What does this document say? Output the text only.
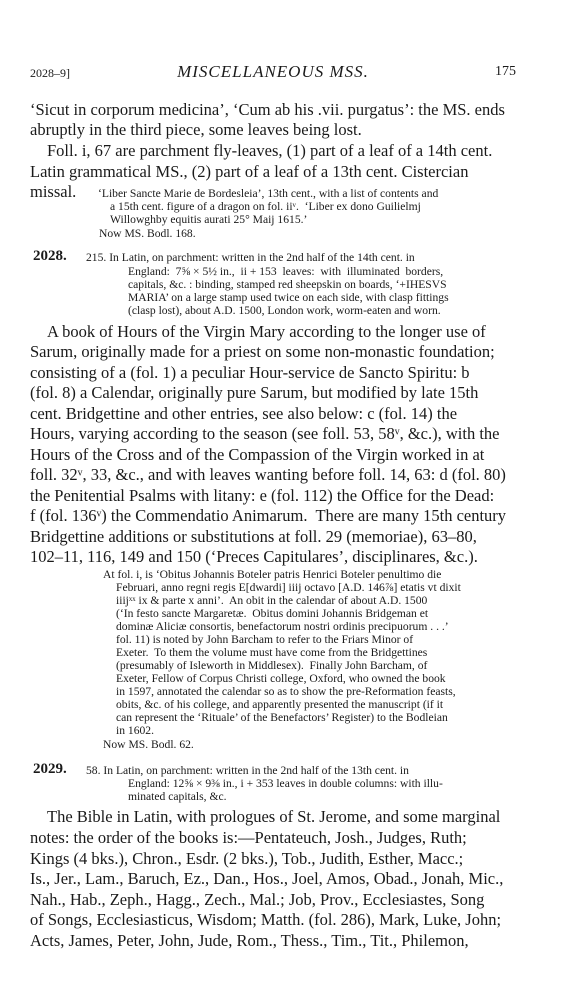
2028–9]	MISCELLANEOUS MSS.	175
‘Sicut in corporum medicina’, ‘Cum ab his .vii. purgatus’: the MS. ends
abruptly in the third piece, some leaves being lost.
Foll. i, 67 are parchment fly-leaves, (1) part of a leaf of a 14th cent.
Latin grammatical MS., (2) part of a leaf of a 13th cent. Cistercian
missal. ‘Liber Sancte Marie de Bordesleia’, 13th cent., with a list of contents and
a 15th cent. figure of a dragon on fol. iiᵛ.  ‘Liber ex dono Guilielmj
Willowghby equitis aurati 25° Maij 1615.’
Now MS. Bodl. 168.
2028. 215. In Latin, on parchment: written in the 2nd half of the 14th cent. in
England:  7⅝ × 5½ in.,  ii + 153  leaves:  with  illuminated  borders,
capitals, &c. : binding, stamped red sheepskin on boards, ‘+IHESVS
MARIA’ on a large stamp used twice on each side, with clasp fittings
(clasp lost), about A.D. 1500, London work, worm-eaten and worn.
A book of Hours of the Virgin Mary according to the longer use of
Sarum, originally made for a priest on some non-monastic foundation;
consisting of a (fol. 1) a peculiar Hour-service de Sancto Spiritu: b
(fol. 8) a Calendar, originally pure Sarum, but modified by late 15th
cent. Bridgettine and other entries, see also below: c (fol. 14) the
Hours, varying according to the season (see foll. 53, 58ᵛ, &c.), with the
Hours of the Cross and of the Compassion of the Virgin worked in at
foll. 32ᵛ, 33, &c., and with leaves wanting before foll. 14, 63: d (fol. 80)
the Penitential Psalms with litany: e (fol. 112) the Office for the Dead:
f (fol. 136ᵛ) the Commendatio Animarum.  There are many 15th century
Bridgettine additions or substitutions at foll. 29 (memoriae), 63–80,
102–11, 116, 149 and 150 (‘Preces Capitulares’, disciplinares, &c.).
At fol. i, is ‘Obitus Johannis Boteler patris Henrici Boteler penultimo die
Februari, anno regni regis E[dwardi] iiij octavo [A.D. 146⅞] etatis vt dixit
iiijˣˣ ix & parte x anni’.  An obit in the calendar of about A.D. 1500
(‘In festo sancte Margaretæ.  Obitus domini Johannis Bridgeman et
dominæ Aliciæ consortis, benefactorum nostri ordinis precipuorum . . .’
fol. 11) is noted by John Barcham to refer to the Friars Minor of
Exeter.  To them the volume must have come from the Bridgettines
(presumably of Isleworth in Middlesex).  Finally John Barcham, of
Exeter, Fellow of Corpus Christi college, Oxford, who owned the book
in 1597, annotated the calendar so as to show the pre-Reformation feasts,
obits, &c. of his college, and apparently presented the manuscript (if it
can represent the ‘Rituale’ of the Benefactors’ Register) to the Bodleian
in 1602.
Now MS. Bodl. 62.
2029. 58. In Latin, on parchment: written in the 2nd half of the 13th cent. in
England: 12⅝ × 9⅜ in., i + 353 leaves in double columns: with illu-
minated capitals, &c.
The Bible in Latin, with prologues of St. Jerome, and some marginal
notes: the order of the books is:—Pentateuch, Josh., Judges, Ruth;
Kings (4 bks.), Chron., Esdr. (2 bks.), Tob., Judith, Esther, Macc.;
Is., Jer., Lam., Baruch, Ez., Dan., Hos., Joel, Amos, Obad., Jonah, Mic.,
Nah., Hab., Zeph., Hagg., Zech., Mal.; Job, Prov., Ecclesiastes, Song
of Songs, Ecclesiasticus, Wisdom; Matth. (fol. 286), Mark, Luke, John;
Acts, James, Peter, John, Jude, Rom., Thess., Tim., Tit., Philemon,
